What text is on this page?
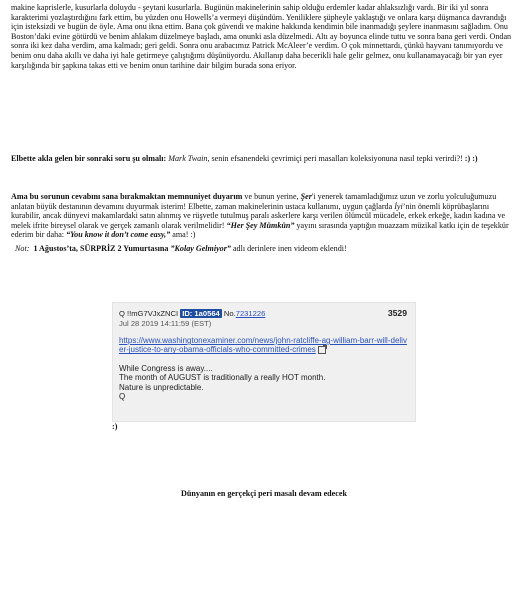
makine kaprislerle, kusurlarla doluydu - şeytani kusurlarla. Bugünün makinelerinin sahip olduğu erdemler kadar ahlaksızlığı vardı. Bir iki yıl sonra karakterimi yozlaştırdığını fark ettim, bu yüzden onu Howells’a vermeyi düşündüm. Yeniliklere şüpheyle yaklaştığı ve onlara karşı düşmanca davrandığı için isteksizdi ve bugün de öyle. Ama onu ikna ettim. Bana çok güvendi ve makine hakkında kendimin bile inanmadığı şeylere inanmasını sağladım. Onu Boston’daki evine götürdü ve benim ahlakım düzelmeye başladı, ama onunki asla düzelmedi. Altı ay boyunca elinde tuttu ve sonra bana geri verdi. Ondan sonra iki kez daha verdim, ama kalmadı; geri geldi. Sonra onu arabacımız Patrick McAleer’e verdim. O çok minnettardı, çünkü hayvanı tanımıyordu ve benim onu daha akıllı ve daha iyi hale getirmeye çalıştığımı düşünüyordu. Akıllanıp daha becerikli hale gelir gelmez, onu kullanamayacağı bir yan eyer karşılığında bir şapkına takas etti ve benim onun tarihine dair bilgim burada sona eriyor.

Elbette akla gelen bir sonraki soru şu olmalı: Mark Twain, senin efsanendeki çevrimiçi peri masalları koleksiyonuna nasıl tepki verirdi?! :) :)

Ama bu sorunun cevabını sana bırakmaktan memnuniyet duyarım ve bunun yerine, Şer'i yenerek tamamladığımız uzun ve zorlu yolculuğumuzu anlatan büyük destanının devamını duyurmak isterim! Elbette, zaman makinelerinin ustaca kullanımı, uygun çağlarda İyi’nin önemli köprübaşlarını kurabilir, ancak dünyevi makamlardaki satın alınmış ve rüşvetle tutulmuş paralı askerlere karşı verilen ölümcül mücadele, erkek erkeğe, kadın kadına ve melek ifrite bireysel olarak ve gerçek zamanlı olarak verilmelidir! “Her Şey Mümkün” yayını sırasında yaptığın muazzam müzikal katkı için de teşekkür ederim bir daha: “You know it don’t come easy,” ama! :)

Not: 1 Ağustos’ta, SÜRPRİZ 2 Yumurtasına ”Kolay Gelmiyor” adlı derinlere inen videom eklendi!
Q !!mG7VJxZNCI ID: 1a0564 No.7231226	3529
Jul 28 2019 14:11:59 (EST)
https://www.washingtonexaminer.com/news/john-ratcliffe-ag-william-barr-will-deliver-justice-to-any-obama-officials-who-committed-crimes
While Congress is away....
The month of AUGUST is traditionally a really HOT month.
Nature is unpredictable.
Q
:)
Dünyanın en gerçekçi peri masalı devam edecek
